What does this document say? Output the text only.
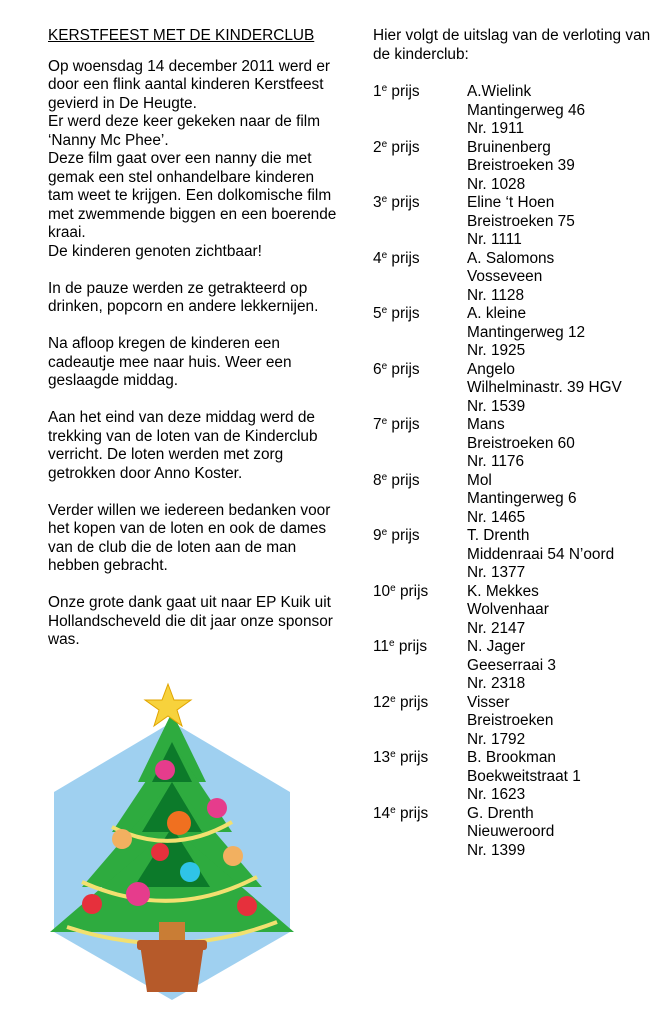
KERSTFEEST MET DE KINDERCLUB

Op woensdag 14 december 2011 werd er door een flink aantal kinderen Kerstfeest gevierd in De Heugte.
Er werd deze keer gekeken naar de film ‘Nanny Mc Phee’.
Deze film gaat over een nanny die met gemak een stel onhandelbare kinderen tam weet te krijgen. Een dolkomische film met zwemmende biggen en een boerende kraai.
De kinderen genoten zichtbaar!

In de pauze werden ze getrakteerd op drinken, popcorn en andere lekkernijen.

Na afloop kregen de kinderen een cadeautje mee naar huis. Weer een geslaagde middag.

Aan het eind van deze middag werd de trekking van de loten van de Kinderclub verricht. De loten werden met zorg getrokken door Anno Koster.

Verder willen we iedereen bedanken voor het kopen van de loten en ook de dames van de club die de loten aan de man hebben gebracht.

Onze grote dank gaat uit naar EP Kuik uit Hollandscheveld die dit jaar onze sponsor was.

Hier volgt de uitslag van de verloting van de kinderclub:

1e prijs	A.Wielink
Mantingerweg 46
Nr. 1911
2e prijs	Bruinenberg
Breistroeken 39
Nr. 1028
3e prijs	Eline ‘t Hoen
Breistroeken 75
Nr. 1111
4e prijs	A. Salomons
Vosseveen
Nr. 1128
5e prijs	A. kleine
Mantingerweg 12
Nr. 1925
6e prijs	Angelo
Wilhelminastr. 39 HGV
Nr. 1539
7e prijs	Mans
Breistroeken 60
Nr. 1176
8e prijs	Mol
Mantingerweg 6
Nr. 1465
9e prijs	T. Drenth
Middenraai 54 N’oord
Nr. 1377
10e prijs	K. Mekkes
Wolvenhaar
Nr. 2147
11e prijs	N. Jager
Geeserraai 3
Nr. 2318
12e prijs	Visser
Breistroeken
Nr. 1792
13e prijs	B. Brookman
Boekweitstraat 1
Nr. 1623
14e prijs	G. Drenth
Nieuweroord
Nr. 1399
